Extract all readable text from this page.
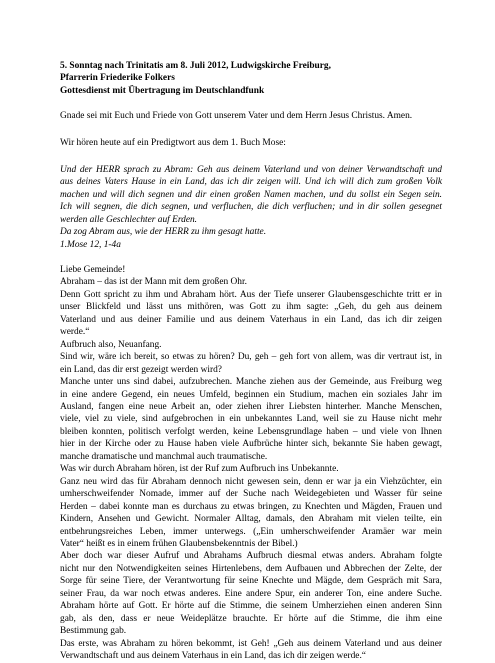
5. Sonntag nach Trinitatis am 8. Juli 2012, Ludwigskirche Freiburg,
Pfarrerin Friederike Folkers
Gottesdienst mit Übertragung im Deutschlandfunk
Gnade sei mit Euch und Friede von Gott unserem Vater und dem Herrn Jesus Christus. Amen.
Wir hören heute auf ein Predigtwort aus dem 1. Buch Mose:
Und der HERR sprach zu Abram: Geh aus deinem Vaterland und von deiner Verwandtschaft und
aus deines Vaters Hause in ein Land, das ich dir zeigen will. Und ich will dich zum großen Volk
machen und will dich segnen und dir einen großen Namen machen, und du sollst ein Segen sein.
Ich will segnen, die dich segnen, und verfluchen, die dich verfluchen; und in dir sollen gesegnet
werden alle Geschlechter auf Erden.
Da zog Abram aus, wie der HERR zu ihm gesagt hatte.
1.Mose 12, 1-4a
Liebe Gemeinde!
Abraham – das ist der Mann mit dem großen Ohr.
Denn Gott spricht zu ihm und Abraham hört. Aus der Tiefe unserer Glaubensgeschichte tritt er in
unser Blickfeld und lässt uns mithören, was Gott zu ihm sagte: „Geh, du geh aus deinem
Vaterland und aus deiner Familie und aus deinem Vaterhaus in ein Land, das ich dir zeigen
werde.“
Aufbruch also, Neuanfang.
Sind wir, wäre ich bereit, so etwas zu hören? Du, geh – geh fort von allem, was dir vertraut ist, in
ein Land, das dir erst gezeigt werden wird?
Manche unter uns sind dabei, aufzubrechen. Manche ziehen aus der Gemeinde, aus Freiburg weg
in eine andere Gegend, ein neues Umfeld, beginnen ein Studium, machen ein soziales Jahr im
Ausland, fangen eine neue Arbeit an, oder ziehen ihrer Liebsten hinterher. Manche Menschen,
viele, viel zu viele, sind aufgebrochen in ein unbekanntes Land, weil sie zu Hause nicht mehr
bleiben konnten, politisch verfolgt werden, keine Lebensgrundlage haben – und viele von Ihnen
hier in der Kirche oder zu Hause haben viele Aufbrüche hinter sich, bekannte Sie haben gewagt,
manche dramatische und manchmal auch traumatische.
Was wir durch Abraham hören, ist der Ruf zum Aufbruch ins Unbekannte.
Ganz neu wird das für Abraham dennoch nicht gewesen sein, denn er war ja ein Viehzüchter, ein
umherschweifender Nomade, immer auf der Suche nach Weidegebieten und Wasser für seine
Herden – dabei konnte man es durchaus zu etwas bringen, zu Knechten und Mägden, Frauen und
Kindern, Ansehen und Gewicht. Normaler Alltag, damals, den Abraham mit vielen teilte, ein
entbehrungsreiches Leben, immer unterwegs. („Ein umherschweifender Aramäer war mein
Vater“ heißt es in einem frühen Glaubensbekenntnis der Bibel.)
Aber doch war dieser Aufruf und Abrahams Aufbruch diesmal etwas anders. Abraham folgte
nicht nur den Notwendigkeiten seines Hirtenlebens, dem Aufbauen und Abbrechen der Zelte, der
Sorge für seine Tiere, der Verantwortung für seine Knechte und Mägde, dem Gespräch mit Sara,
seiner Frau, da war noch etwas anderes. Eine andere Spur, ein anderer Ton, eine andere Suche.
Abraham hörte auf Gott. Er hörte auf die Stimme, die seinem Umherziehen einen anderen Sinn
gab, als den, dass er neue Weideplätze brauchte. Er hörte auf die Stimme, die ihm eine
Bestimmung gab.
Das erste, was Abraham zu hören bekommt, ist Geh! „Geh aus deinem Vaterland und aus deiner
Verwandtschaft und aus deinem Vaterhaus in ein Land, das ich dir zeigen werde.“
